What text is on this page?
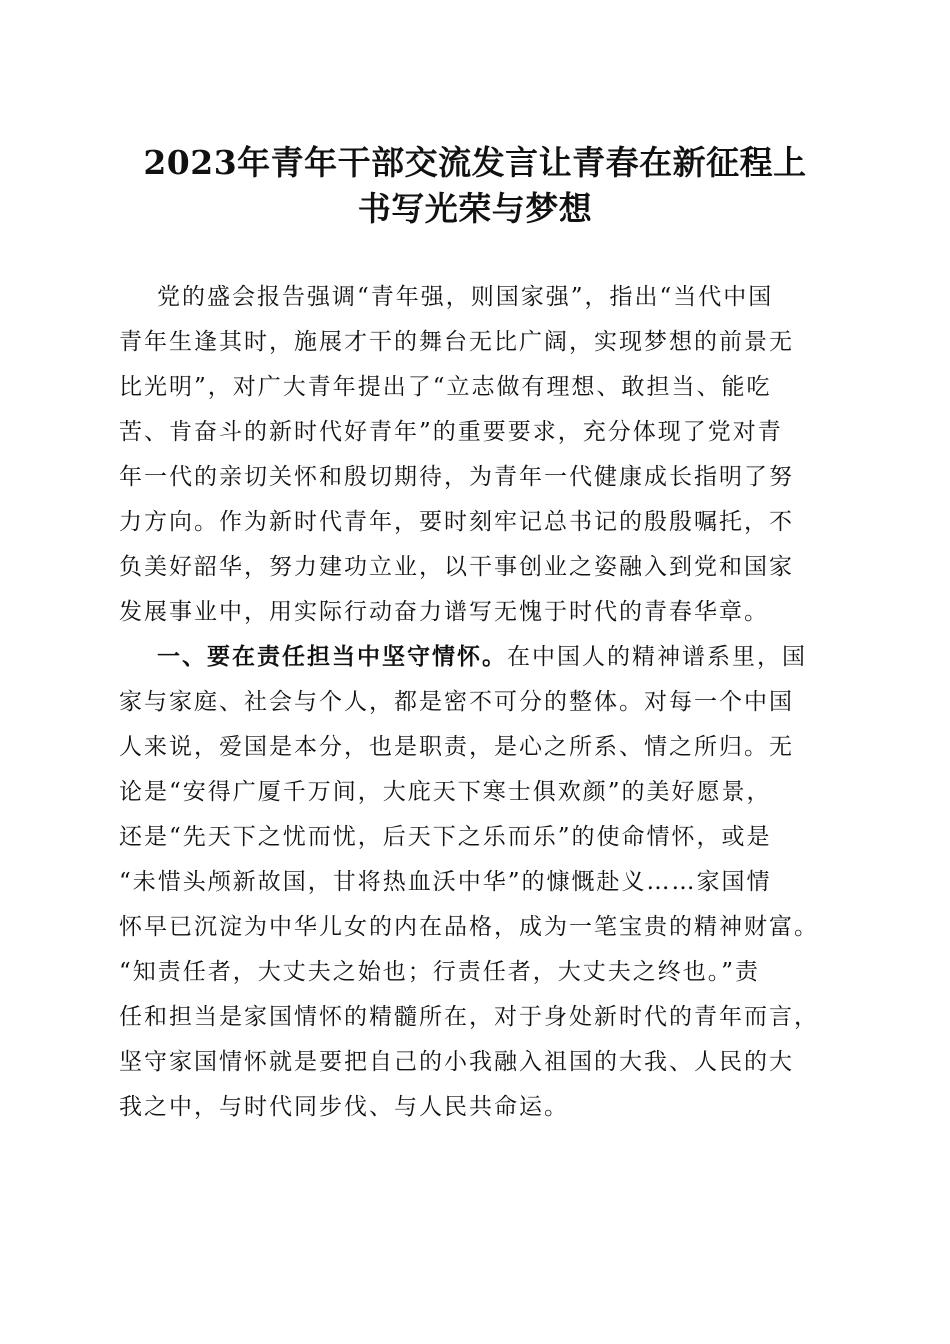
2023年青年干部交流发言让青春在新征程上
书写光荣与梦想
党的盛会报告强调“青年强，则国家强”，指出“当代中国
青年生逢其时，施展才干的舞台无比广阔，实现梦想的前景无
比光明”，对广大青年提出了“立志做有理想、敢担当、能吃
苦、肯奋斗的新时代好青年”的重要要求，充分体现了党对青
年一代的亲切关怀和殷切期待，为青年一代健康成长指明了努
力方向。作为新时代青年，要时刻牢记总书记的殷殷嘱托，不
负美好韶华，努力建功立业，以干事创业之姿融入到党和国家
发展事业中，用实际行动奋力谱写无愧于时代的青春华章。
一、要在责任担当中坚守情怀。在中国人的精神谱系里，国
家与家庭、社会与个人，都是密不可分的整体。对每一个中国
人来说，爱国是本分，也是职责，是心之所系、情之所归。无
论是“安得广厦千万间，大庇天下寒士俱欢颜”的美好愿景，
还是“先天下之忧而忧，后天下之乐而乐”的使命情怀，或是
“未惜头颅新故国，甘将热血沃中华”的慷慨赴义……家国情
怀早已沉淀为中华儿女的内在品格，成为一笔宝贵的精神财富。
“知责任者，大丈夫之始也；行责任者，大丈夫之终也。”责
任和担当是家国情怀的精髓所在，对于身处新时代的青年而言，
坚守家国情怀就是要把自己的小我融入祖国的大我、人民的大
我之中，与时代同步伐、与人民共命运。
